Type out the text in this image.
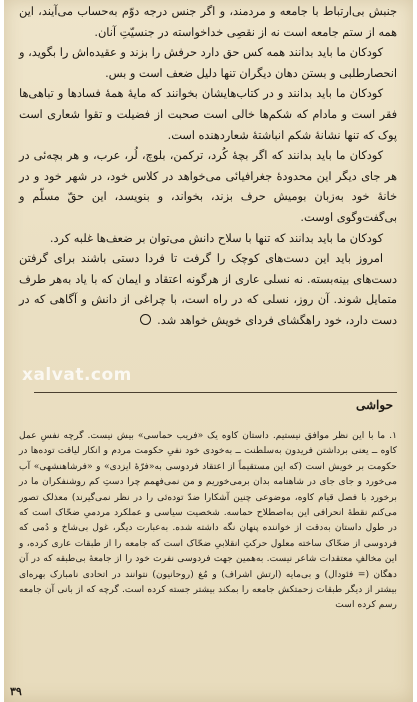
جنبش بی‌ارتباط با جامعه و مردمند، و اگر جنس درجه دوّم به‌حساب می‌آیند، این همه از ستم جامعه است نه از نقصِی خداخواسته در جنسیّتِ آنان.

کودکان ما باید بدانند همه کس حق دارد حرفش را بزند و عقیده‌اش را بگوید، و انحصارطلبی و بستن دهان دیگران تنها دلیل ضعف است و بس.

کودکان ما باید بدانند و در کتاب‌هایشان بخوانند که مایۀ همۀ فسادها و تباهی‌ها فقر است و مادام که شکم‌ها خالی است صحبت از فضیلت و تقوا شعاری است پوک که تنها نشانۀ شکم انباشتۀ شعاردهنده است.

کودکان ما باید بدانند که اگر بچۀ کُرد، ترکمن، بلوچ، لُر، عرب، و هر بچه‌ئی در هر جای دیگر این محدودۀ جغرافیائی می‌خواهد در کلاس خود، در شهر خود و در خانۀ خود به‌زبان بومیش حرف بزند، بخواند، و بنویسد، این حقّ مسلّم و بی‌گفت‌وگوی اوست.

کودکان ما باید بدانند که تنها با سلاح دانش می‌توان بر ضعف‌ها غلبه کرد.

امروز باید این دست‌های کوچک را گرفت تا فردا دستی باشند برای گرفتن دست‌های بینه‌بسته. نه نسلی عاری از هرگونه اعتقاد و ایمان که با یاد به‌هر طرف متمایل شوند. آن روز، نسلی که در راه است، با چراغی از دانش و آگاهی که در دست دارد، خود راهگشای فردای خویش خواهد شد.

xalvat.com
حواشی

۱. ما با این نظر موافق نیستیم. داستان کاوه یک «فریب حماسی» بیش نیست. گرچه نفسِ عمل کاوه ــ یعنی برداشتن فریدون به‌سلطنت ــ به‌خودی خود نفیِ حکومت مردم و انکار لیاقت توده‌ها در حکومت بر خویش است (که این مستقیماً از اعتقاد فردوسی به«فرّهٔ ایزدی» و «فرشاهنشهی» آب می‌خورد و جای جای در شاهنامه بدان برمی‌خوریم و من نمی‌فهمم چرا دستِ کم روشنفکران ما در برخورد با فصل قیام کاوه، موضوعی چنین آشکارا ضدّ توده‌ئی را در نظر نمی‌گیرند) معذلک تصور می‌کنم نقطهٔ انحرافی این به‌اصطلاح حماسه. شخصیت سیاسی و عملکرد مردمیِ ضحّاک است که در طول داستان به‌دقت از خواننده پنهان نگه داشته شده. به‌عبارت دیگر، غول بی‌شاخ و دُمی که فردوسی از ضحّاک ساخته معلول حرکتِ انقلابیِ ضحّاک است که جامعه را از طبقات عاری کرده، و این مخالفِ معتقدات شاعر نیست. به‌همین جهت فردوسی نفرت خود را از جامعهٔ بی‌طبقه که در آن دهگان (= فئودال) و بی‌مایه (ارتش اشراف) و مُغ (روحانیون) نتوانند در اتحادی نامبارک بهره‌ای بیشتر از دیگر طبقات زحمتکش جامعه را بمکند بیشتر جسته کرده است. گرچه که از بانی آن جامعه رسم کرده است

۳۹
